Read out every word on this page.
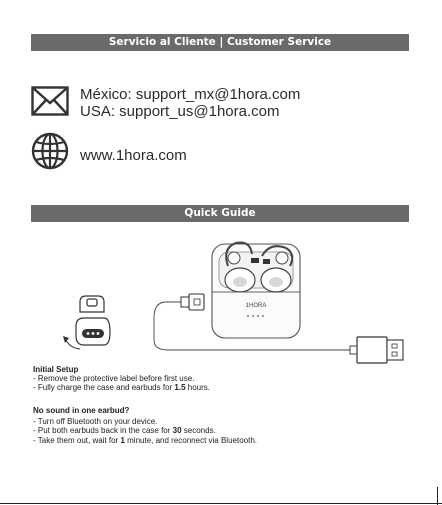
Servicio al Cliente | Customer Service
México: support_mx@1hora.com
USA: support_us@1hora.com
www.1hora.com
Quick Guide
1HORA
Initial Setup
- Remove the protective label before first use.
- Fully charge the case and earbuds for 1.5 hours.
No sound in one earbud?
- Turn off Bluetooth on your device.
- Put both earbuds back in the case for 30 seconds.
- Take them out, wait for 1 minute, and reconnect via Bluetooth.
